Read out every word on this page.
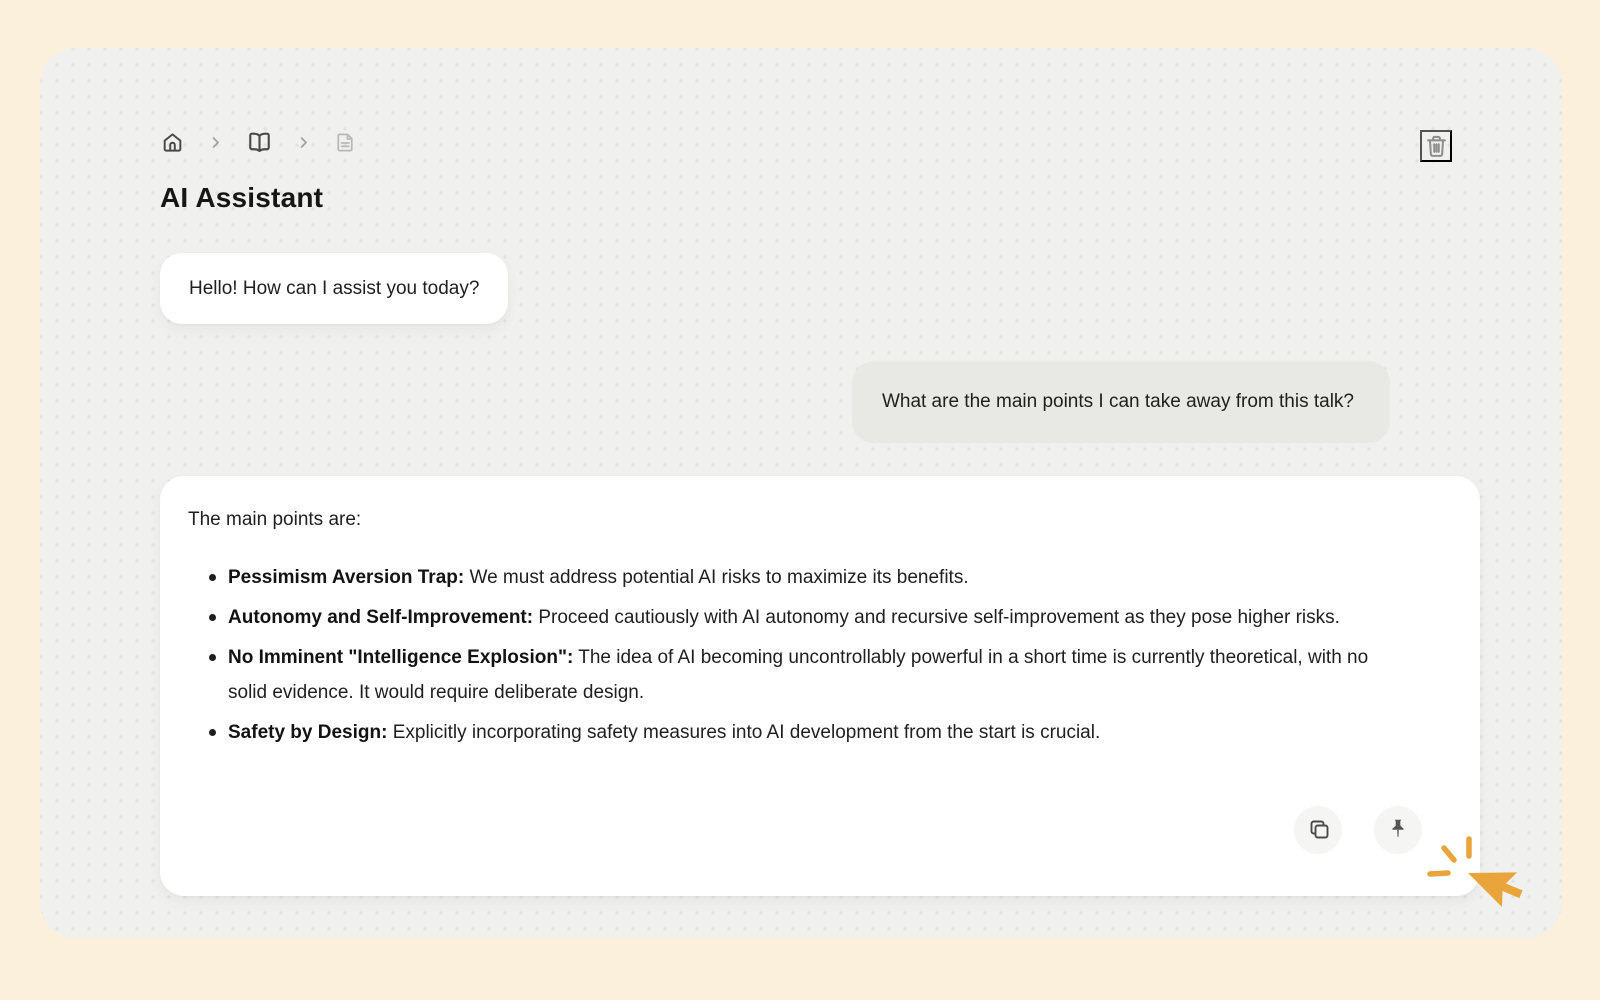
AI Assistant
Hello! How can I assist you today?
What are the main points I can take away from this talk?

The main points are:

Pessimism Aversion Trap: We must address potential AI risks to maximize its benefits.
Autonomy and Self-Improvement: Proceed cautiously with AI autonomy and recursive self-improvement as they pose higher risks.
No Imminent "Intelligence Explosion": The idea of AI becoming uncontrollably powerful in a short time is currently theoretical, with no solid evidence. It would require deliberate design.
Safety by Design: Explicitly incorporating safety measures into AI development from the start is crucial.
